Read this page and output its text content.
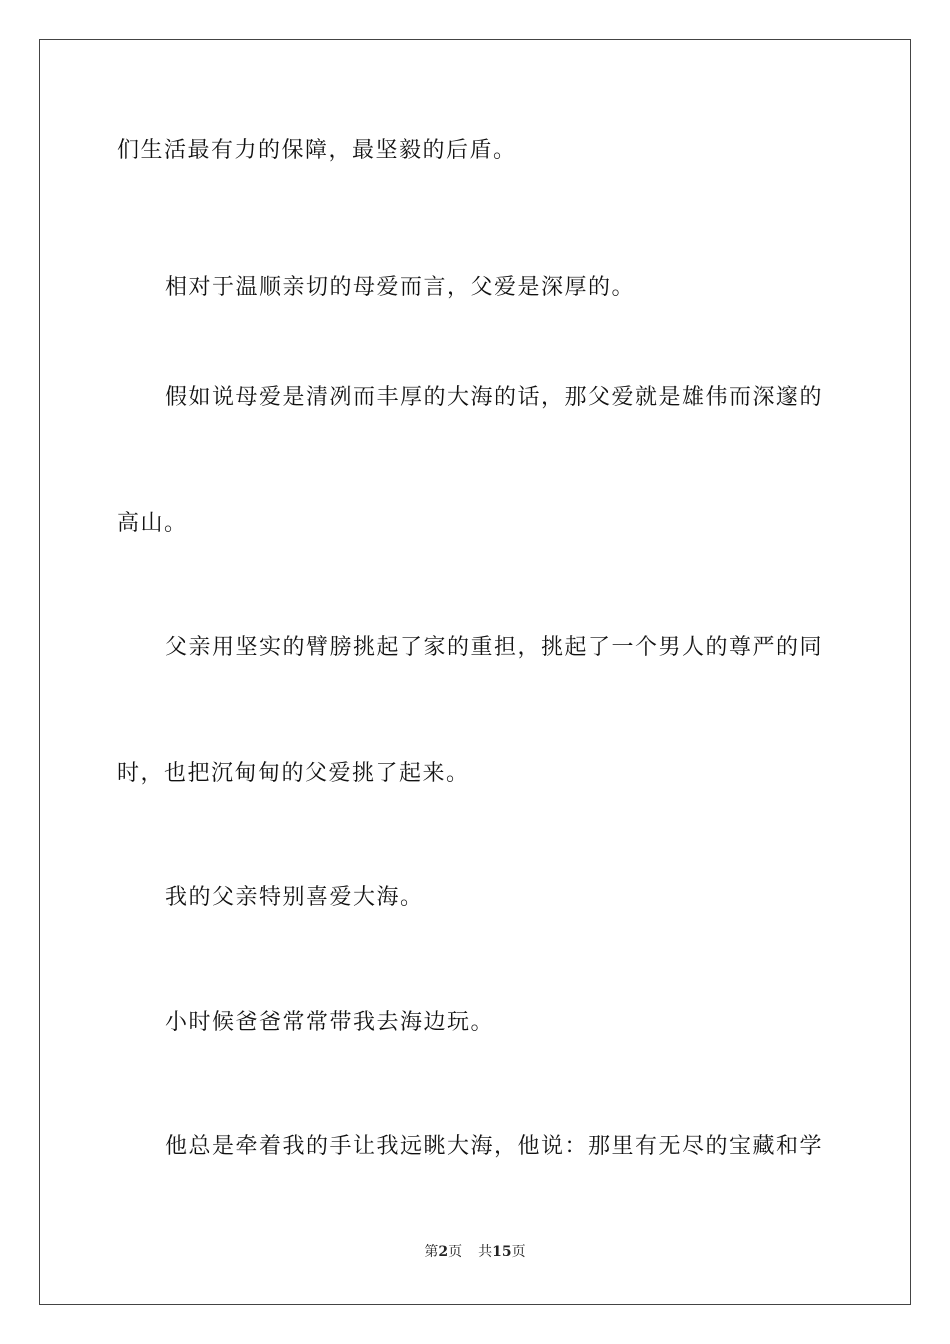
们生活最有力的保障，最坚毅的后盾。
相对于温顺亲切的母爱而言，父爱是深厚的。
假如说母爱是清冽而丰厚的大海的话，那父爱就是雄伟而深邃的
高山。
父亲用坚实的臂膀挑起了家的重担，挑起了一个男人的尊严的同
时，也把沉甸甸的父爱挑了起来。
我的父亲特别喜爱大海。
小时候爸爸常常带我去海边玩。
他总是牵着我的手让我远眺大海，他说：那里有无尽的宝藏和学
第2页 共15页
